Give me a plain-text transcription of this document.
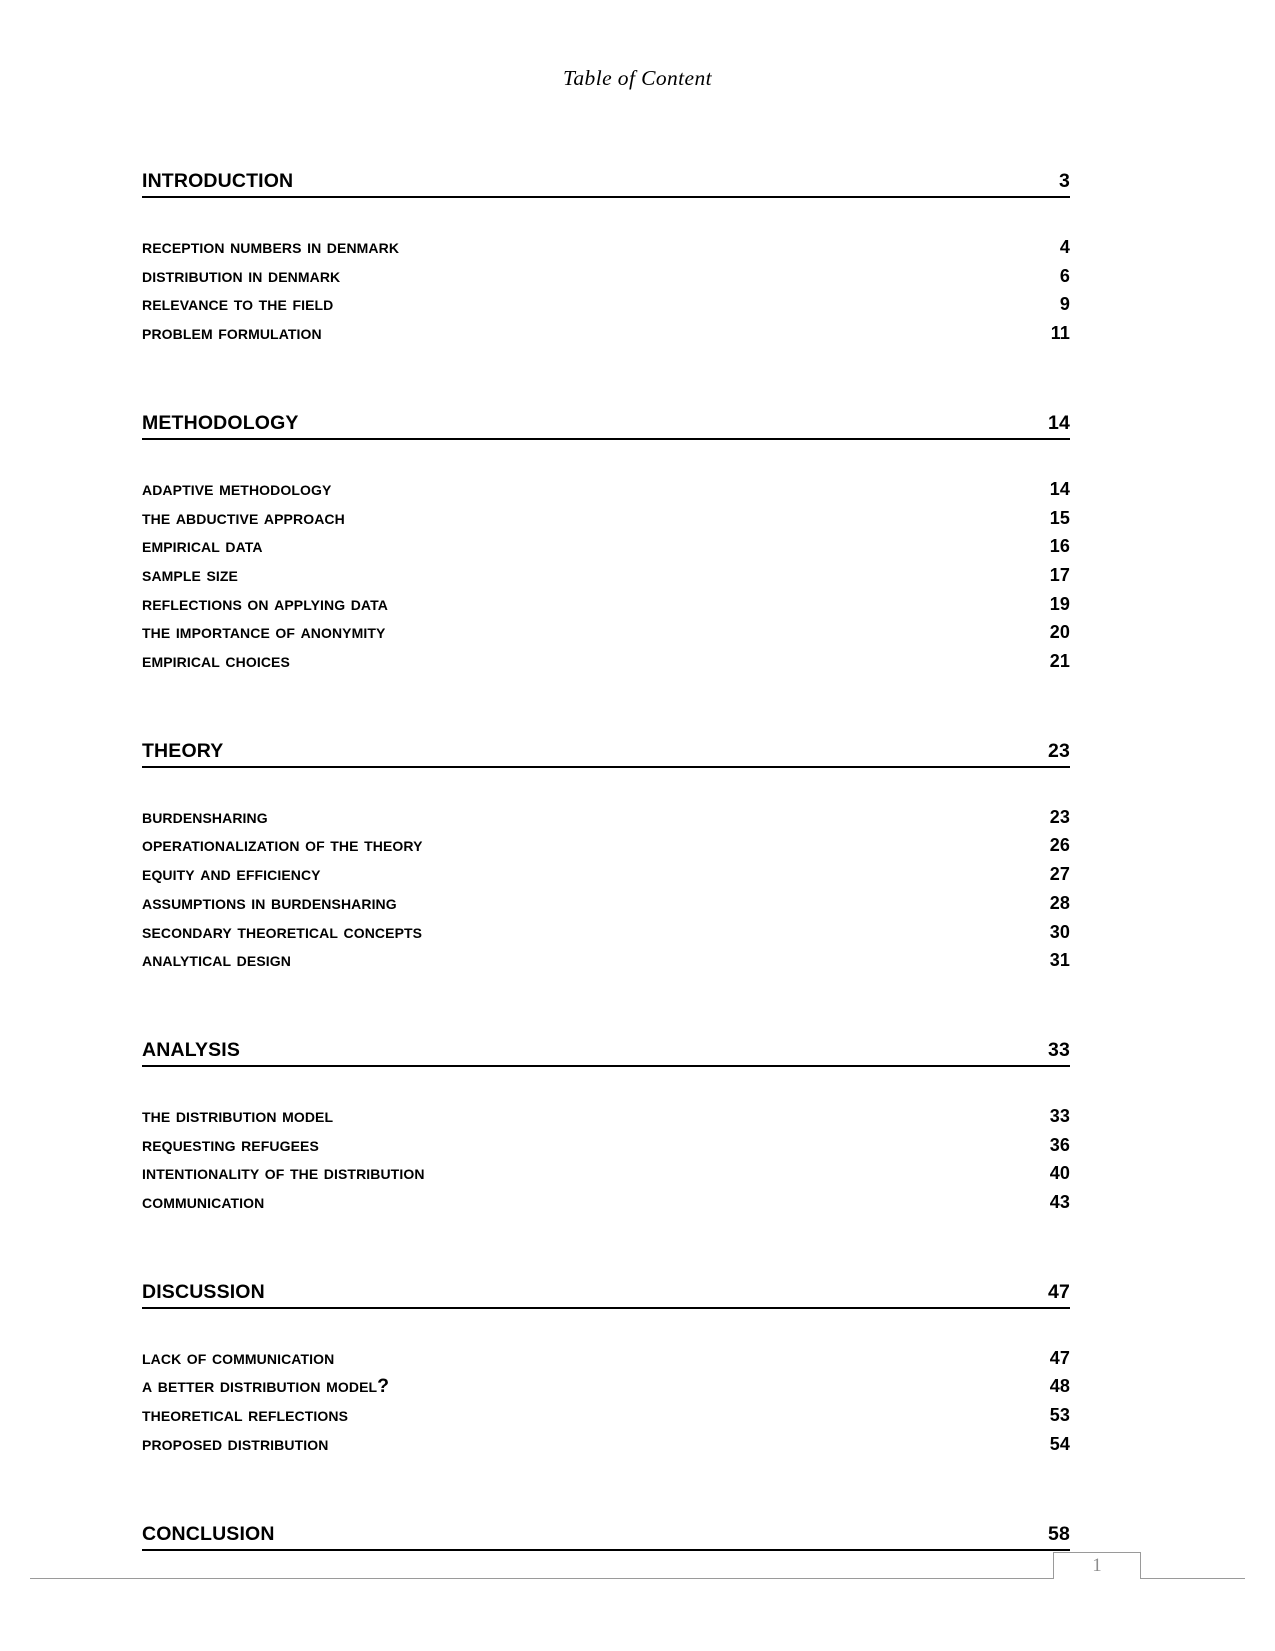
Table of Content
INTRODUCTION	3
reception numbers in denmark	4
distribution in denmark	6
relevance to the field	9
problem formulation	11
METHODOLOGY	14
adaptive methodology	14
the abductive approach	15
empirical data	16
sample size	17
reflections on applying data	19
the importance of anonymity	20
empirical choices	21
THEORY	23
burdensharing	23
operationalization of the theory	26
equity and efficiency	27
assumptions in burdensharing	28
secondary theoretical concepts	30
analytical design	31
ANALYSIS	33
the distribution model	33
requesting refugees	36
intentionality of the distribution	40
communication	43
DISCUSSION	47
lack of communication	47
a better distribution model?	48
theoretical reflections	53
proposed distribution	54
CONCLUSION	58
1
